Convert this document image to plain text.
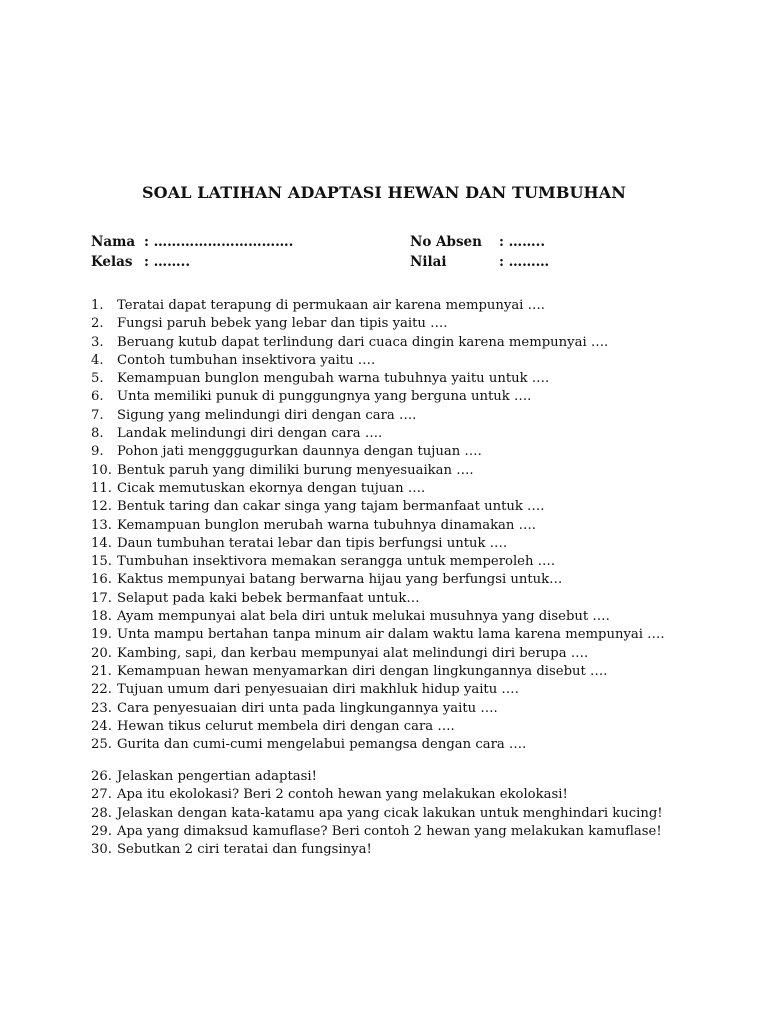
SOAL LATIHAN ADAPTASI HEWAN DAN TUMBUHAN
Nama : ………………………….
Kelas : ……..
No Absen	: ……..
Nilai	: ………
1.	Teratai dapat terapung di permukaan air karena mempunyai ….
2.	Fungsi paruh bebek yang lebar dan tipis yaitu ….
3.	Beruang kutub dapat terlindung dari cuaca dingin karena mempunyai ….
4.	Contoh tumbuhan insektivora yaitu ….
5.	Kemampuan bunglon mengubah warna tubuhnya yaitu untuk ….
6.	Unta memiliki punuk di punggungnya yang berguna untuk ….
7.	Sigung yang melindungi diri dengan cara ….
8.	Landak melindungi diri dengan cara ….
9.	Pohon jati mengggugurkan daunnya dengan tujuan ….
10. Bentuk paruh yang dimiliki burung menyesuaikan ….
11. Cicak memutuskan ekornya dengan tujuan ….
12. Bentuk taring dan cakar singa yang tajam bermanfaat untuk ….
13. Kemampuan bunglon merubah warna tubuhnya dinamakan ….
14. Daun tumbuhan teratai lebar dan tipis berfungsi untuk ….
15. Tumbuhan insektivora memakan serangga untuk memperoleh ….
16. Kaktus mempunyai batang berwarna hijau yang berfungsi untuk…
17. Selaput pada kaki bebek bermanfaat untuk…
18. Ayam mempunyai alat bela diri untuk melukai musuhnya yang disebut ….
19. Unta mampu bertahan tanpa minum air dalam waktu lama karena mempunyai ….
20. Kambing, sapi, dan kerbau mempunyai alat melindungi diri berupa ….
21. Kemampuan hewan menyamarkan diri dengan lingkungannya disebut ….
22. Tujuan umum dari penyesuaian diri makhluk hidup yaitu ….
23. Cara penyesuaian diri unta pada lingkungannya yaitu ….
24. Hewan tikus celurut membela diri dengan cara ….
25. Gurita dan cumi-cumi mengelabui pemangsa dengan cara ….
26. Jelaskan pengertian adaptasi!
27. Apa itu ekolokasi? Beri 2 contoh hewan yang melakukan ekolokasi!
28. Jelaskan dengan kata-katamu apa yang cicak lakukan untuk menghindari kucing!
29. Apa yang dimaksud kamuflase? Beri contoh 2 hewan yang melakukan kamuflase!
30. Sebutkan 2 ciri teratai dan fungsinya!
